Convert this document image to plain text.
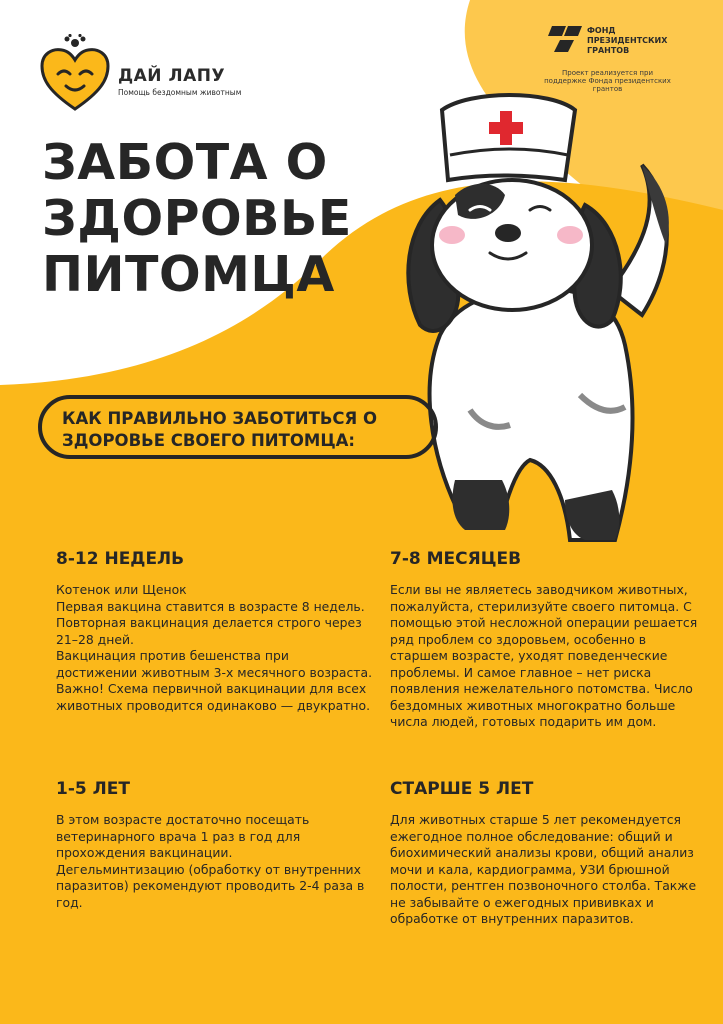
ДАЙ ЛАПУ
Помощь бездомным животным
ФОНД ПРЕЗИДЕНТСКИХ ГРАНТОВ
Проект реализуется при поддержке Фонда президентских грантов
ЗАБОТА О ЗДОРОВЬЕ ПИТОМЦА

КАК ПРАВИЛЬНО ЗАБОТИТЬСЯ О ЗДОРОВЬЕ СВОЕГО ПИТОМЦА:

8-12 НЕДЕЛЬ

Котенок или Щенок
Первая вакцина ставится в возрасте 8 недель. Повторная вакцинация делается строго через 21–28 дней.
Вакцинация против бешенства при достижении животным 3-х месячного возраста.
Важно! Схема первичной вакцинации для всех животных проводится одинаково — двукратно.

7-8 МЕСЯЦЕВ

Если вы не являетесь заводчиком животных, пожалуйста, стерилизуйте своего питомца. С помощью этой несложной операции решается ряд проблем со здоровьем, особенно в старшем возрасте, уходят поведенческие проблемы. И самое главное – нет риска появления нежелательного потомства. Число бездомных животных многократно больше числа людей, готовых подарить им дом.

1-5 ЛЕТ

В этом возрасте достаточно посещать ветеринарного врача 1 раз в год для прохождения вакцинации.
Дегельминтизацию (обработку от внутренних паразитов) рекомендуют проводить 2-4 раза в год.

СТАРШЕ 5 ЛЕТ

Для животных старше 5 лет рекомендуется ежегодное полное обследование: общий и биохимический анализы крови, общий анализ мочи и кала, кардиограмма, УЗИ брюшной полости, рентген позвоночного столба. Также не забывайте о ежегодных прививках и обработке от внутренних паразитов.
